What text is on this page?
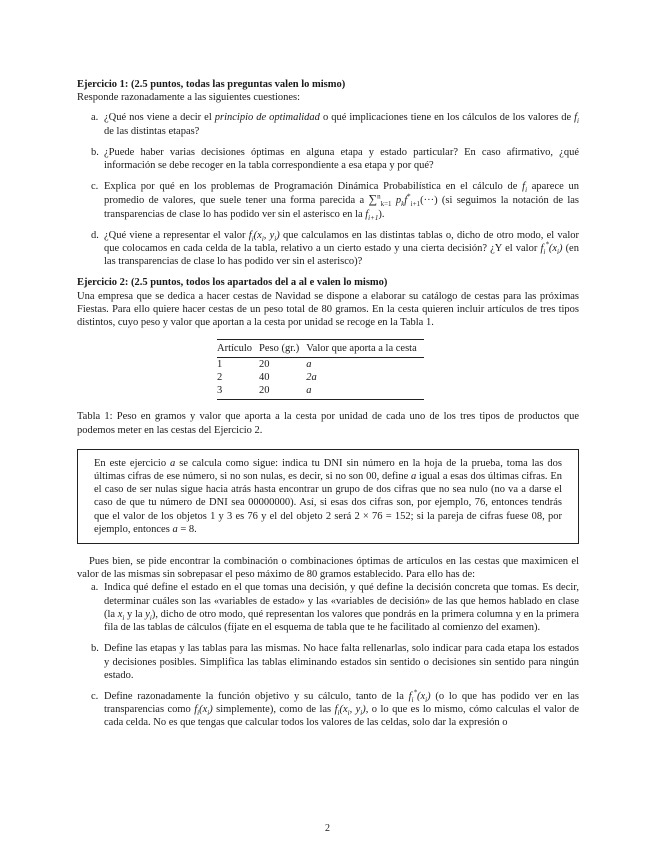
Ejercicio 1: (2.5 puntos, todas las preguntas valen lo mismo)

Responde razonadamente a las siguientes cuestiones:

a. ¿Qué nos viene a decir el principio de optimalidad o qué implicaciones tiene en los cálculos de los valores de $f_i$ de las distintas etapas?
b. ¿Puede haber varias decisiones óptimas en alguna etapa y estado particular? En caso afirmativo, ¿qué información se debe recoger en la tabla correspondiente a esa etapa y por qué?
c. Explica por qué en los problemas de Programación Dinámica Probabilística en el cálculo de $f_i$ aparece un promedio de valores, que suele tener una forma parecida a ∑$^n_{k=1}$ $p_kf^*_{i+1}(\cdot\cdot\cdot)$ (si seguimos la notación de las transparencias de clase lo has podido ver sin el asterisco en la $f_{i+1}$).
d. ¿Qué viene a representar el valor $f_i(x_i$, $y_i$) que calculamos en las distintas tablas o, dicho de otro modo, el valor que colocamos en cada celda de la tabla, relativo a un cierto estado y una cierta decisión? ¿Y el valor $f_i^*(x_i)$ (en las transparencias de clase lo has podido ver sin el asterisco)?

Ejercicio 2: (2.5 puntos, todos los apartados del a al e valen lo mismo)

Una empresa que se dedica a hacer cestas de Navidad se dispone a elaborar su catálogo de cestas para las próximas Fiestas. Para ello quiere hacer cestas de un peso total de 80 gramos. En la cesta quieren incluir artículos de tres tipos distintos, cuyo peso y valor que aportan a la cesta por unidad se recoge en la Tabla 1.

Artículo	Peso (gr.)	Valor que aporta a la cesta
1	20	a
2	40	2a
3	20	a

Tabla 1: Peso en gramos y valor que aporta a la cesta por unidad de cada uno de los tres tipos de productos que podemos meter en las cestas del Ejercicio 2.

En este ejercicio a se calcula como sigue: indica tu DNI sin número en la hoja de la prueba, toma las dos últimas cifras de ese número, si no son nulas, es decir, si no son 00, define a igual a esas dos últimas cifras. En el caso de ser nulas sigue hacia atrás hasta encontrar un grupo de dos cifras que no sea nulo (no va a darse el caso de que tu número de DNI sea 00000000). Así, si esas dos cifras son, por ejemplo, 76, entonces tendrás que el valor de los objetos 1 y 3 es 76 y el del objeto 2 será 2 × 76 = 152; si la pareja de cifras fuese 08, por ejemplo, entonces a = 8.

Pues bien, se pide encontrar la combinación o combinaciones óptimas de artículos en las cestas que maximicen el valor de las mismas sin sobrepasar el peso máximo de 80 gramos establecido. Para ello has de:

a. Indica qué define el estado en el que tomas una decisión, y qué define la decisión concreta que tomas. Es decir, determinar cuáles son las «variables de estado» y las «variables de decisión» de las que hemos hablado en clase (la $x_i$ y la $y_i$), dicho de otro modo, qué representan los valores que pondrás en la primera columna y en la primera fila de las tablas de cálculos (fíjate en el esquema de tabla que te he facilitado al comienzo del examen).
b. Define las etapas y las tablas para las mismas. No hace falta rellenarlas, solo indicar para cada etapa los estados y decisiones posibles. Simplifica las tablas eliminando estados sin sentido o decisiones sin sentido para ningún estado.
c. Define razonadamente la función objetivo y su cálculo, tanto de la $f_i^*(x_i)$ (o lo que has podido ver en las transparencias como $f_i(x_i)$ simplemente), como de las $f_i(x_i$, $y_i$), o lo que es lo mismo, cómo calculas el valor de cada celda. No es que tengas que calcular todos los valores de las celdas, solo dar la expresión o
2
